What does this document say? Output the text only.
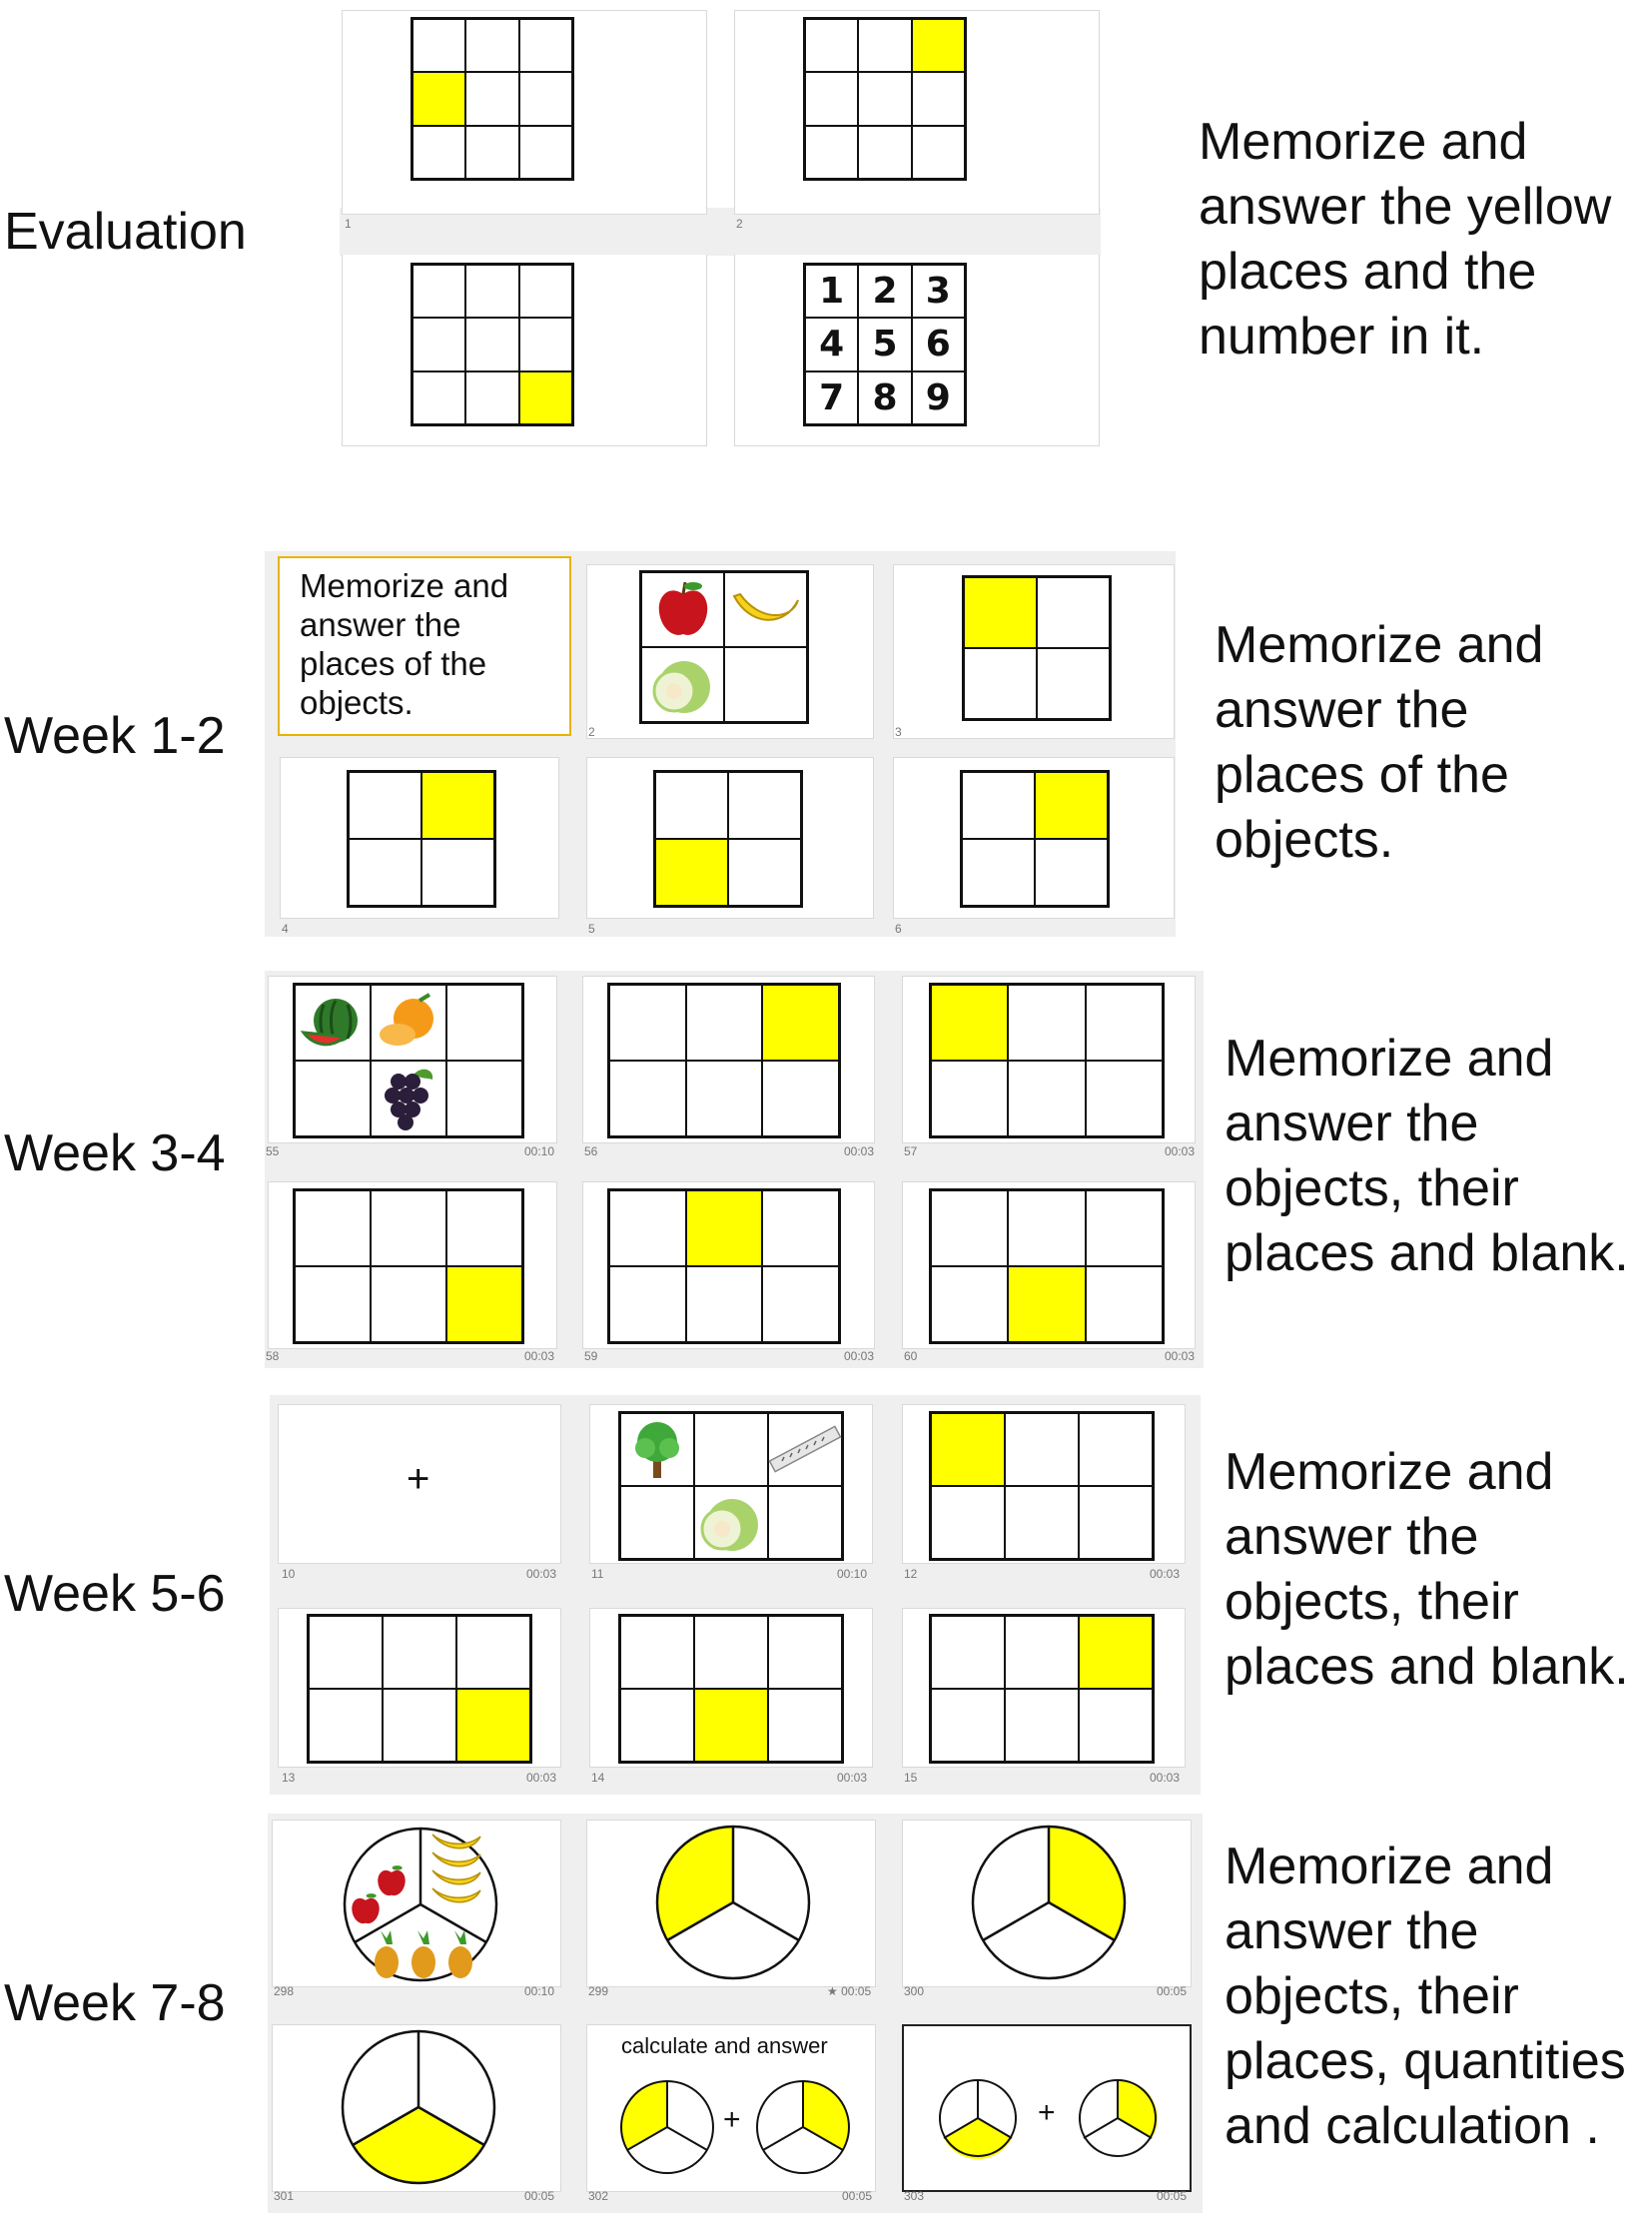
Evaluation
Week 1-2
Week 3-4
Week 5-6
Week 7-8
Memorize and
answer the yellow
places and the
number in it.
Memorize and
answer the
places of the
objects.
Memorize and
answer the
objects, their
places and blank.
Memorize and
answer the
objects, their
places and blank.
Memorize and
answer the
objects, their
places, quantities
and calculation .
1	2
1 2 3
4 5 6
7 8 9
Memorize and
answer the
places of the
objects.
2	3
4	5	6
55	00:10 56	00:03 57	00:03
58	00:03 59	00:03 60	00:03
+
10	00:03	11	00:10	12	00:03
13	00:03	14	00:03	15	00:03
298	00:10	299	★ 00:05	300	00:05
301	00:05
calculate and answer
+
302	00:05
+
303	00:05
